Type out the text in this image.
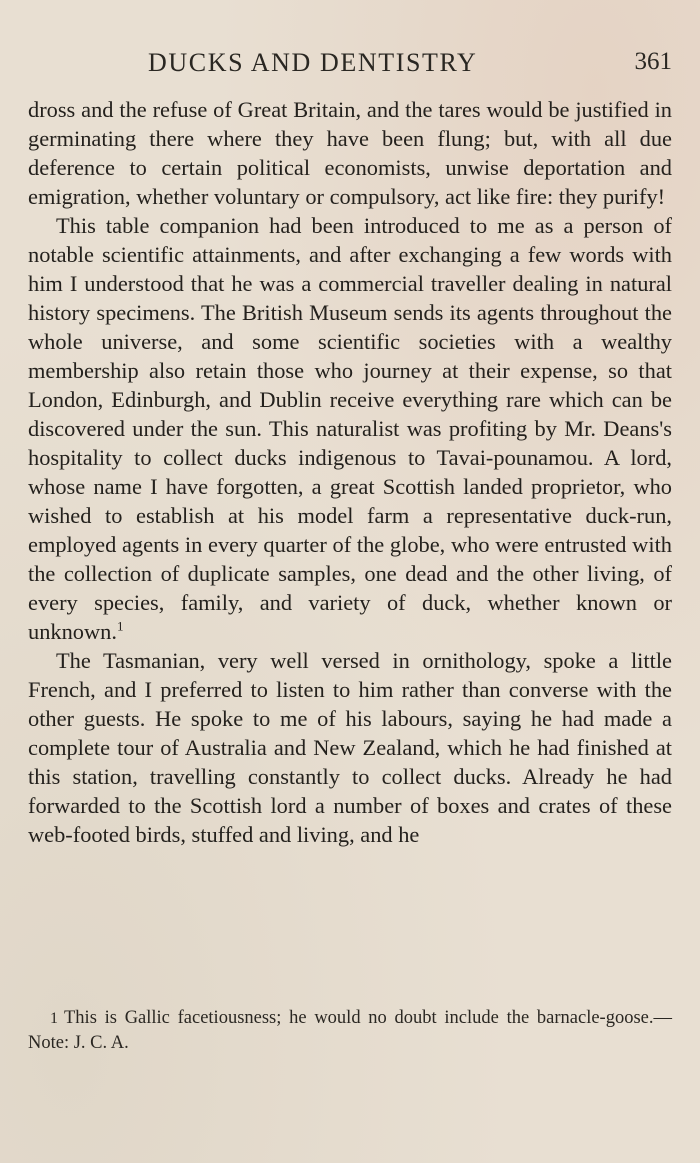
DUCKS AND DENTISTRY	361

dross and the refuse of Great Britain, and the tares would be justified in germinating there where they have been flung; but, with all due deference to certain political economists, unwise deportation and emigration, whether voluntary or compulsory, act like fire: they purify!

This table companion had been introduced to me as a person of notable scientific attainments, and after exchanging a few words with him I understood that he was a commercial traveller dealing in natural history specimens. The British Museum sends its agents throughout the whole universe, and some scientific societies with a wealthy membership also retain those who journey at their expense, so that London, Edinburgh, and Dublin receive everything rare which can be discovered under the sun. This naturalist was profiting by Mr. Deans's hospitality to collect ducks indigenous to Tavai-pounamou. A lord, whose name I have forgotten, a great Scottish landed proprietor, who wished to establish at his model farm a representative duck-run, employed agents in every quarter of the globe, who were entrusted with the collection of duplicate samples, one dead and the other living, of every species, family, and variety of duck, whether known or unknown.$^1$

The Tasmanian, very well versed in ornithology, spoke a little French, and I preferred to listen to him rather than converse with the other guests. He spoke to me of his labours, saying he had made a complete tour of Australia and New Zealand, which he had finished at this station, travelling constantly to collect ducks. Already he had forwarded to the Scottish lord a number of boxes and crates of these web-footed birds, stuffed and living, and he

1 This is Gallic facetiousness; he would no doubt include the barnacle-goose.—Note: J. C. A.
